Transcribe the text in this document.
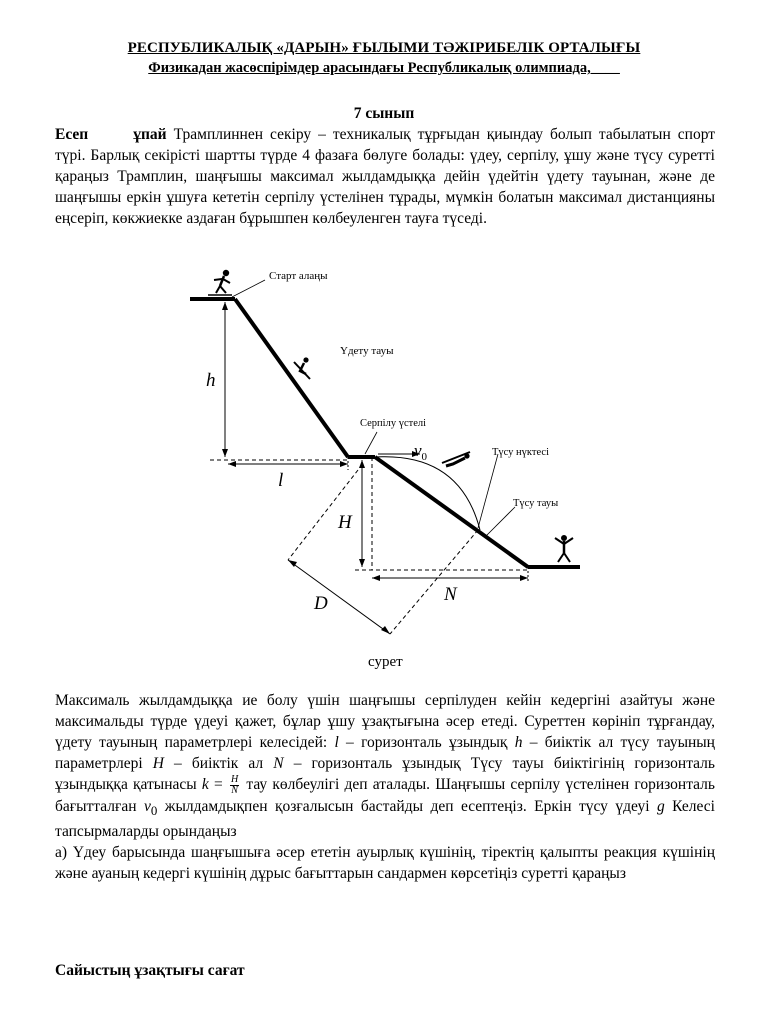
РЕСПУБЛИКАЛЫҚ «ДАРЫН» ҒЫЛЫМИ ТӘЖІРИБЕЛІК ОРТАЛЫҒЫ
Физикадан жасөспірімдер арасындағы Республикалық олимпиада,____
7 сынып
Есеп ұпай Трамплиннен секіру – техникалық тұрғыдан қиындау болып табылатын спорт түрі. Барлық секірісті шартты түрде 4 фазаға бөлуге болады: үдеу, серпілу, ұшу және түсу суретті қараңыз Трамплин, шаңғышы максимал жылдамдыққа дейін үдейтін үдету тауынан, және де шаңғышы еркін ұшуға кететін серпілу үстелінен тұрады, мүмкін болатын максимал дистанцияны еңсеріп, көкжиекке аздаған бұрышпен көлбеуленген тауға түседі.
Старт алаңы
Үдету тауы
Серпілу үстелі
Түсу нүктесі
Түсу тауы
h
l
H
N
D
$v_0$
сурет
Максималь жылдамдыққа ие болу үшін шаңғышы серпілуден кейін кедергіні азайтуы және максимальды түрде үдеуі қажет, бұлар ұшу ұзақтығына әсер етеді. Суреттен көрініп тұрғандау, үдету тауының параметрлері келесідей: l – горизонталь ұзындық h – биіктік ал түсу тауының параметрлері H – биіктік ал N – горизонталь ұзындық Түсу тауы биіктігінің горизонталь ұзындыққа қатынасы $k = \frac{H}{N}$ тау көлбеулігі деп аталады. Шаңғышы серпілу үстелінен горизонталь бағытталған $v_0$ жылдамдықпен қозғалысын бастайды деп есептеңіз. Еркін түсу үдеуі g Келесі тапсырмаларды орындаңыз
а) Үдеу барысында шаңғышыға әсер ететін ауырлық күшінің, тіректің қалыпты реакция күшінің және ауаның кедергі күшінің дұрыс бағыттарын сандармен көрсетіңіз суретті қараңыз
Сайыстың ұзақтығы сағат
